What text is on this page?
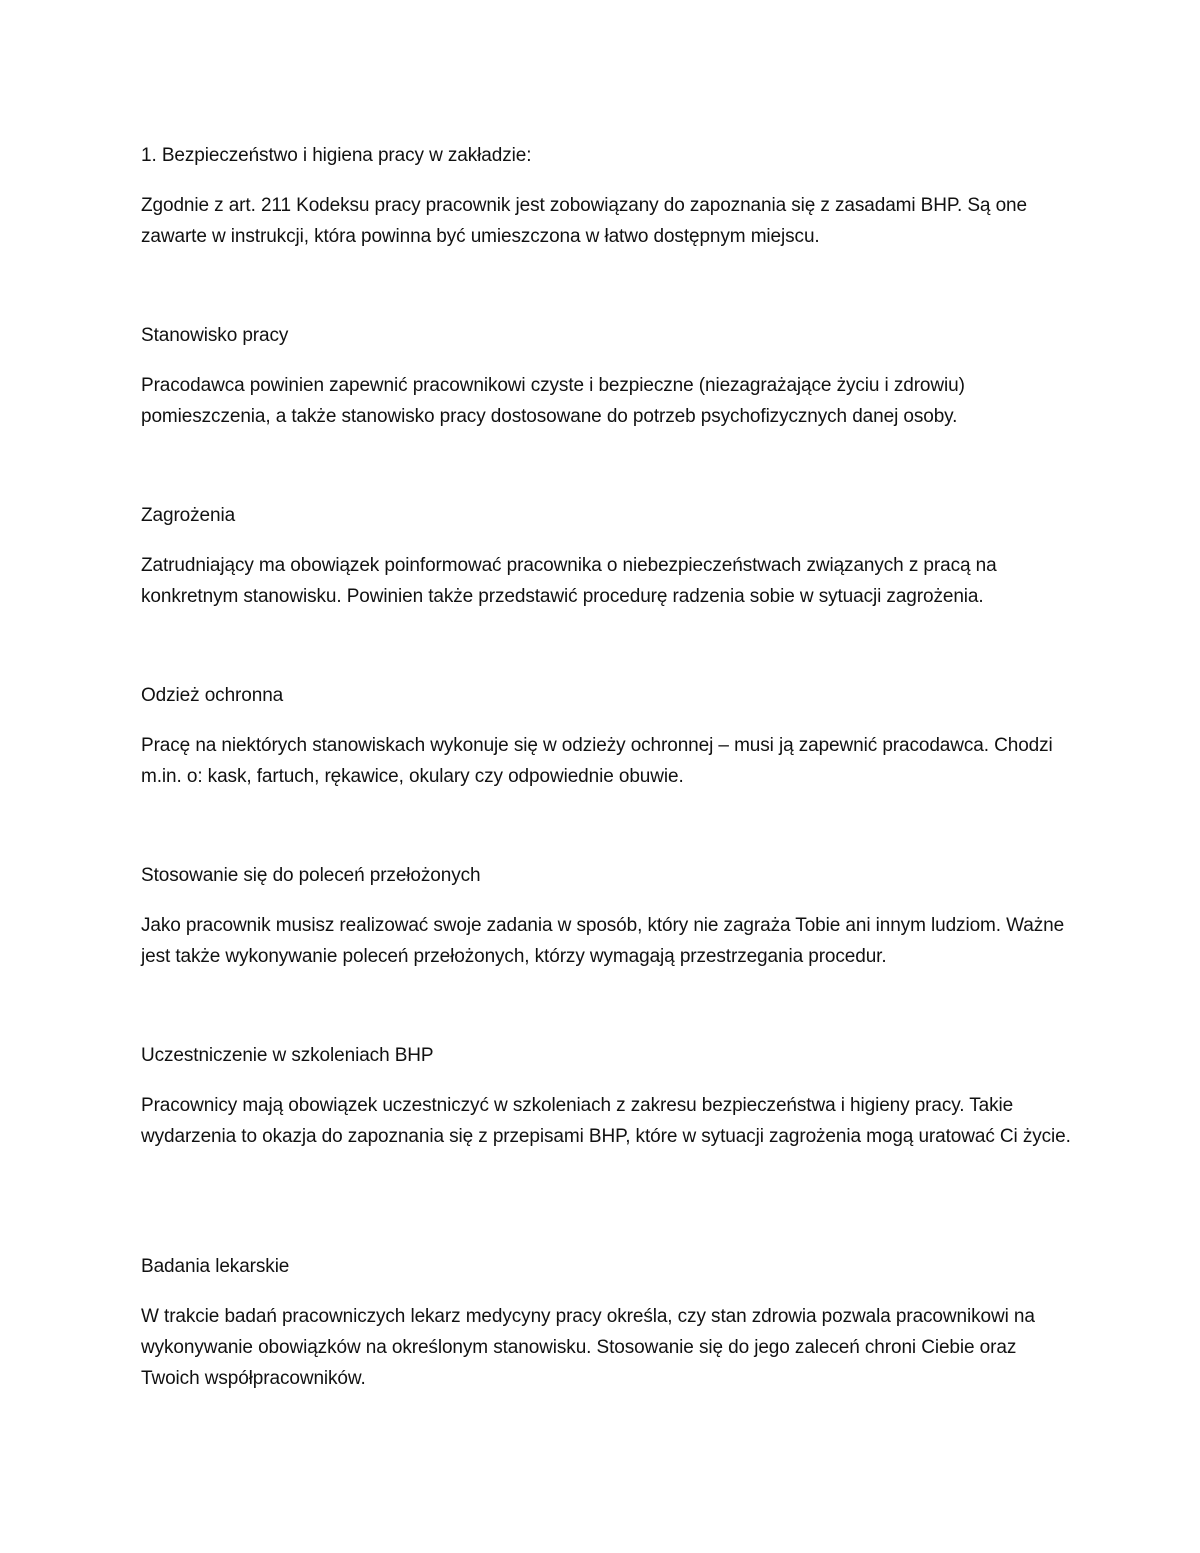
1. Bezpieczeństwo i higiena pracy w zakładzie:
Zgodnie z art. 211 Kodeksu pracy pracownik jest zobowiązany do zapoznania się z zasadami BHP. Są one zawarte w instrukcji, która powinna być umieszczona w łatwo dostępnym miejscu.
Stanowisko pracy
Pracodawca powinien zapewnić pracownikowi czyste i bezpieczne (niezagrażające życiu i zdrowiu) pomieszczenia, a także stanowisko pracy dostosowane do potrzeb psychofizycznych danej osoby.
Zagrożenia
Zatrudniający ma obowiązek poinformować pracownika o niebezpieczeństwach związanych z pracą na konkretnym stanowisku. Powinien także przedstawić procedurę radzenia sobie w sytuacji zagrożenia.
Odzież ochronna
Pracę na niektórych stanowiskach wykonuje się w odzieży ochronnej – musi ją zapewnić pracodawca. Chodzi m.in. o: kask, fartuch, rękawice, okulary czy odpowiednie obuwie.
Stosowanie się do poleceń przełożonych
Jako pracownik musisz realizować swoje zadania w sposób, który nie zagraża Tobie ani innym ludziom. Ważne jest także wykonywanie poleceń przełożonych, którzy wymagają przestrzegania procedur.
Uczestniczenie w szkoleniach BHP
Pracownicy mają obowiązek uczestniczyć w szkoleniach z zakresu bezpieczeństwa i higieny pracy. Takie wydarzenia to okazja do zapoznania się z przepisami BHP, które w sytuacji zagrożenia mogą uratować Ci życie.
Badania lekarskie
W trakcie badań pracowniczych lekarz medycyny pracy określa, czy stan zdrowia pozwala pracownikowi na wykonywanie obowiązków na określonym stanowisku. Stosowanie się do jego zaleceń chroni Ciebie oraz Twoich współpracowników.
